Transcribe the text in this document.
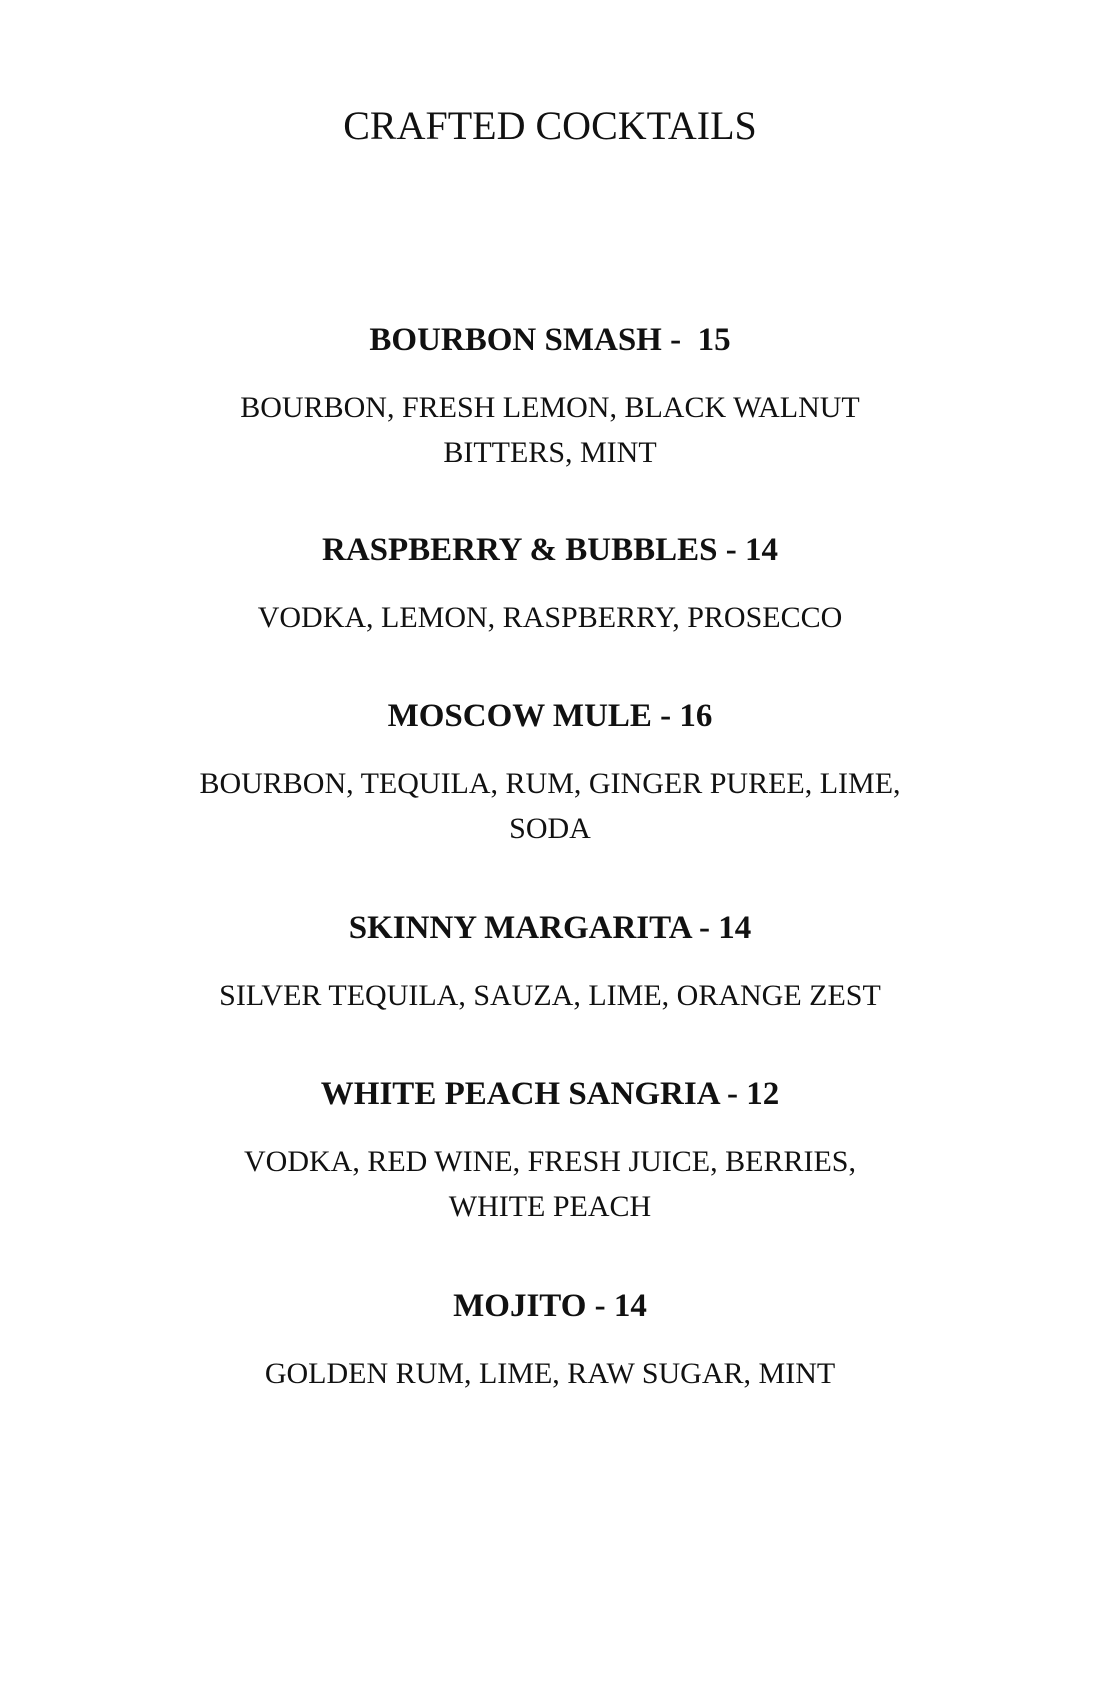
CRAFTED COCKTAILS

BOURBON SMASH -  15

BOURBON, FRESH LEMON, BLACK WALNUT
BITTERS, MINT

RASPBERRY & BUBBLES - 14

VODKA, LEMON, RASPBERRY, PROSECCO

MOSCOW MULE - 16

BOURBON, TEQUILA, RUM, GINGER PUREE, LIME,
SODA

SKINNY MARGARITA - 14

SILVER TEQUILA, SAUZA, LIME, ORANGE ZEST

WHITE PEACH SANGRIA - 12

VODKA, RED WINE, FRESH JUICE, BERRIES,
WHITE PEACH

MOJITO - 14

GOLDEN RUM, LIME, RAW SUGAR, MINT
